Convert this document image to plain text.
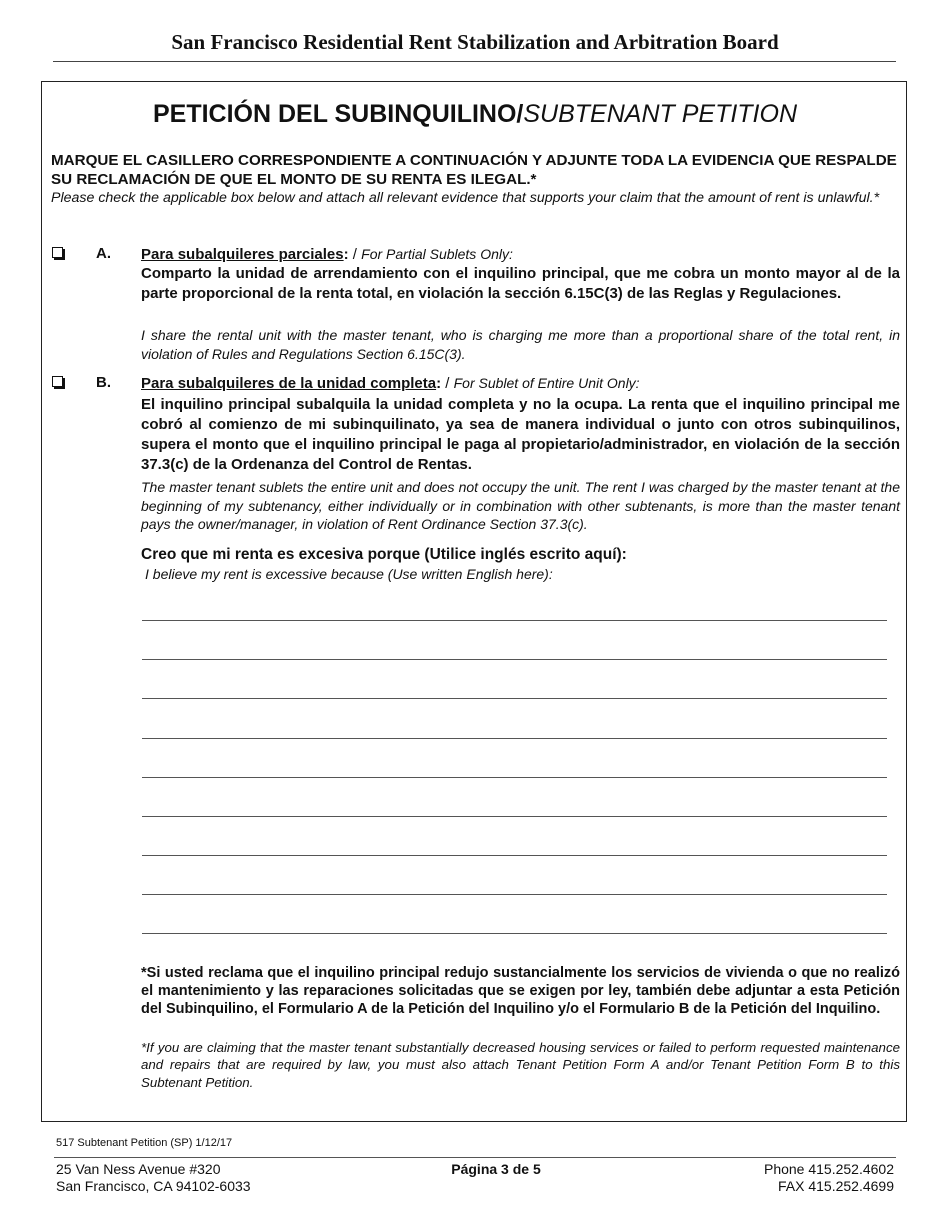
San Francisco Residential Rent Stabilization and Arbitration Board
PETICIÓN DEL SUBINQUILINO/SUBTENANT PETITION
MARQUE EL CASILLERO CORRESPONDIENTE A CONTINUACIÓN Y ADJUNTE TODA LA EVIDENCIA QUE RESPALDE SU RECLAMACIÓN DE QUE EL MONTO DE SU RENTA ES ILEGAL.*
Please check the applicable box below and attach all relevant evidence that supports your claim that the amount of rent is unlawful.*
A. Para subalquileres parciales: / For Partial Sublets Only:
Comparto la unidad de arrendamiento con el inquilino principal, que me cobra un monto mayor al de la parte proporcional de la renta total, en violación la sección 6.15C(3) de las Reglas y Regulaciones.
I share the rental unit with the master tenant, who is charging me more than a proportional share of the total rent, in violation of Rules and Regulations Section 6.15C(3).
B. Para subalquileres de la unidad completa: / For Sublet of Entire Unit Only:
El inquilino principal subalquila la unidad completa y no la ocupa. La renta que el inquilino principal me cobró al comienzo de mi subinquilinato, ya sea de manera individual o junto con otros subinquilinos, supera el monto que el inquilino principal le paga al propietario/administrador, en violación de la sección 37.3(c) de la Ordenanza del Control de Rentas.
The master tenant sublets the entire unit and does not occupy the unit. The rent I was charged by the master tenant at the beginning of my subtenancy, either individually or in combination with other subtenants, is more than the master tenant pays the owner/manager, in violation of Rent Ordinance Section 37.3(c).
Creo que mi renta es excesiva porque (Utilice inglés escrito aquí):
I believe my rent is excessive because (Use written English here):
*Si usted reclama que el inquilino principal redujo sustancialmente los servicios de vivienda o que no realizó el mantenimiento y las reparaciones solicitadas que se exigen por ley, también debe adjuntar a esta Petición del Subinquilino, el Formulario A de la Petición del Inquilino y/o el Formulario B de la Petición del Inquilino.
*If you are claiming that the master tenant substantially decreased housing services or failed to perform requested maintenance and repairs that are required by law, you must also attach Tenant Petition Form A and/or Tenant Petition Form B to this Subtenant Petition.
517 Subtenant Petition (SP) 1/12/17
25 Van Ness Avenue #320
San Francisco, CA 94102-6033
Página 3 de 5	Phone 415.252.4602
FAX 415.252.4699
